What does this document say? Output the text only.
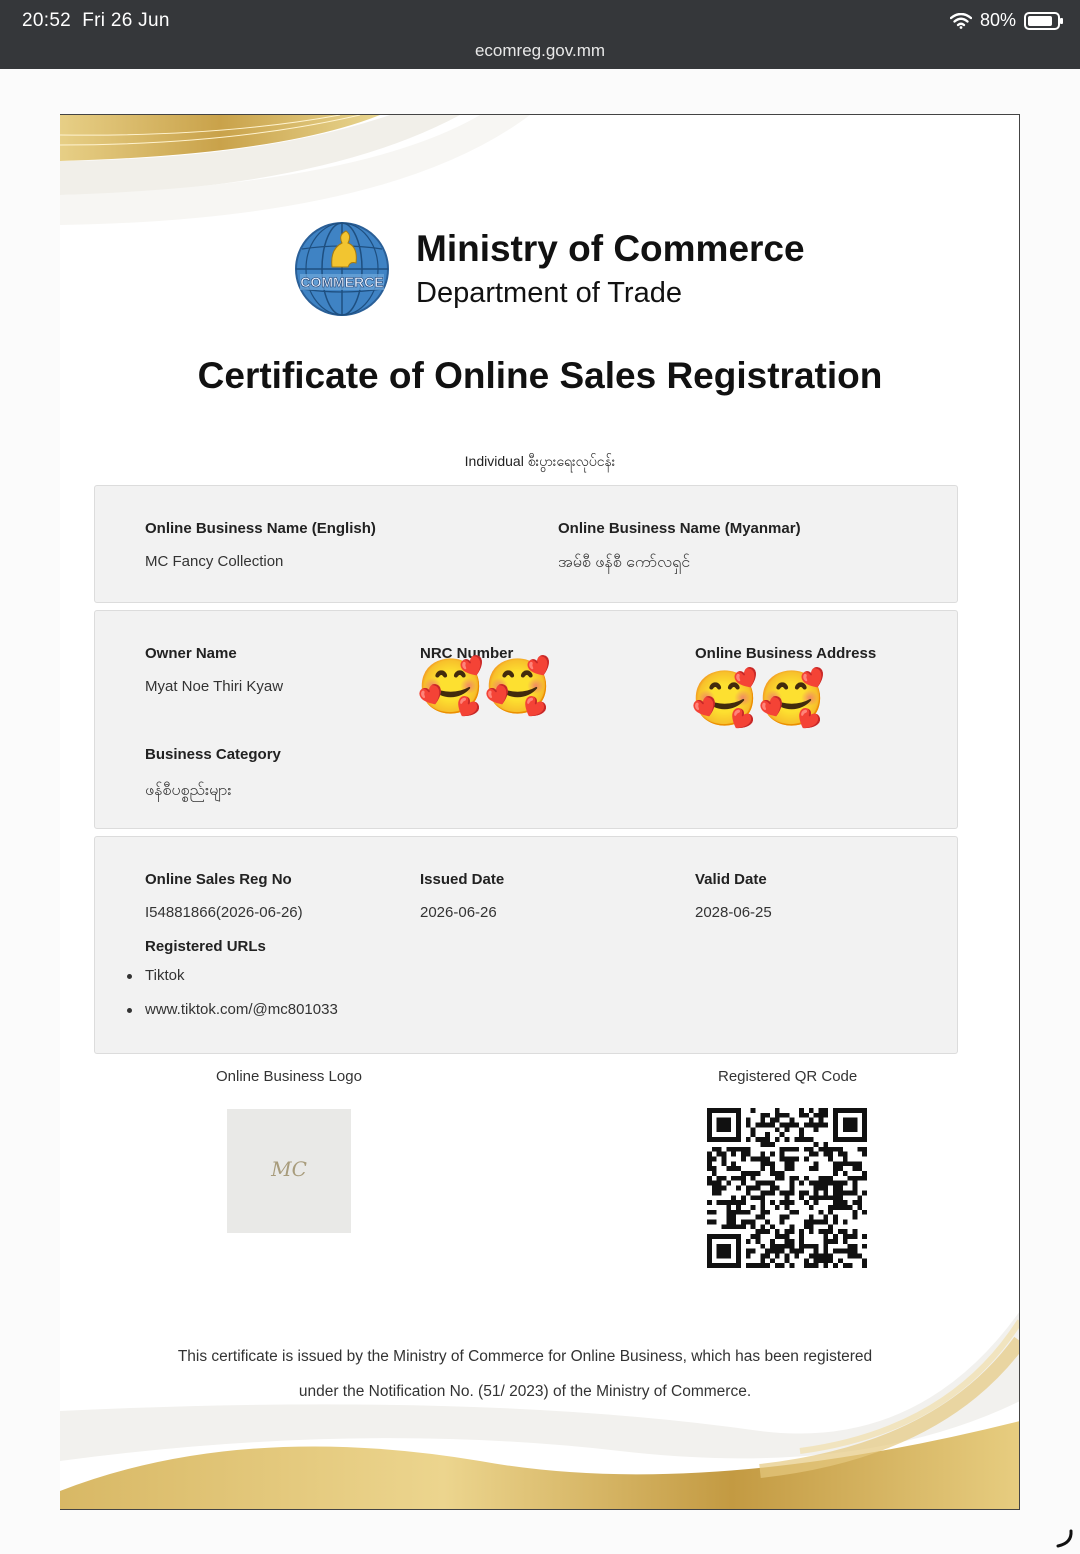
20:52 Fri 26 Jun
ecomreg.gov.mm
80%
COMMERCE
Ministry of Commerce
Department of Trade
Certificate of Online Sales Registration
Individual စီးပွားရေးလုပ်ငန်း
Online Business Name (English)
MC Fancy Collection
Online Business Name (Myanmar)
အမ်စီ ဖန်စီ ကော်လရှင်
Owner Name
Myat Noe Thiri Kyaw
NRC Number
🥰🥰
Online Business Address
🥰🥰
Business Category
ဖန်စီပစ္စည်းများ
Online Sales Reg No
I54881866(2026-06-26)
Issued Date
2026-06-26
Valid Date
2028-06-25
Registered URLs
Tiktok
www.tiktok.com/@mc801033
Online Business Logo
MC
Registered QR Code
This certificate is issued by the Ministry of Commerce for Online Business, which has been registered
under the Notification No. (51/ 2023) of the Ministry of Commerce.
